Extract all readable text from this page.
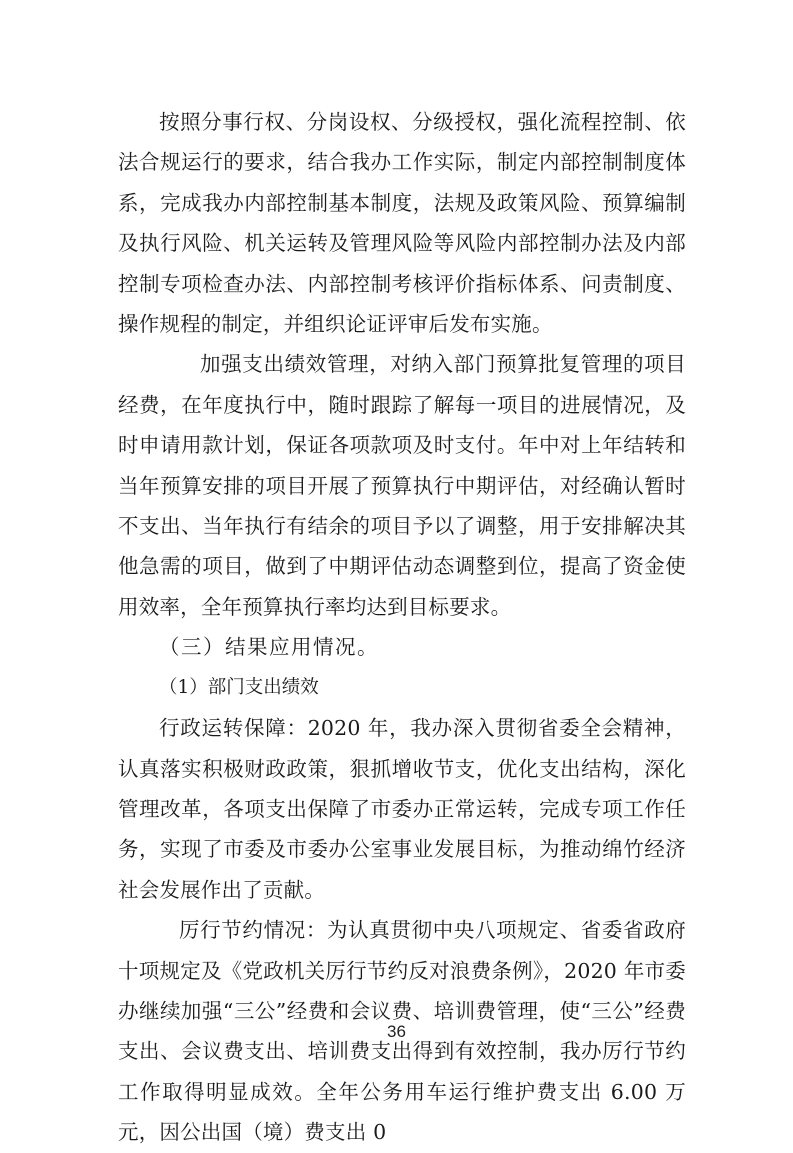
按照分事行权、分岗设权、分级授权，强化流程控制、依法合规运行的要求，结合我办工作实际，制定内部控制制度体系，完成我办内部控制基本制度，法规及政策风险、预算编制及执行风险、机关运转及管理风险等风险内部控制办法及内部控制专项检查办法、内部控制考核评价指标体系、问责制度、操作规程的制定，并组织论证评审后发布实施。

加强支出绩效管理，对纳入部门预算批复管理的项目经费，在年度执行中，随时跟踪了解每一项目的进展情况，及时申请用款计划，保证各项款项及时支付。年中对上年结转和当年预算安排的项目开展了预算执行中期评估，对经确认暂时不支出、当年执行有结余的项目予以了调整，用于安排解决其他急需的项目，做到了中期评估动态调整到位，提高了资金使用效率，全年预算执行率均达到目标要求。

（三）结果应用情况。

（1）部门支出绩效

行政运转保障：2020 年，我办深入贯彻省委全会精神，认真落实积极财政政策，狠抓增收节支，优化支出结构，深化管理改革，各项支出保障了市委办正常运转，完成专项工作任务，实现了市委及市委办公室事业发展目标，为推动绵竹经济社会发展作出了贡献。

厉行节约情况：为认真贯彻中央八项规定、省委省政府十项规定及《党政机关厉行节约反对浪费条例》，2020 年市委办继续加强“三公”经费和会议费、培训费管理，使“三公”经费支出、会议费支出、培训费支出得到有效控制，我办厉行节约工作取得明显成效。全年公务用车运行维护费支出 6.00 万元，因公出国（境）费支出 0

36
